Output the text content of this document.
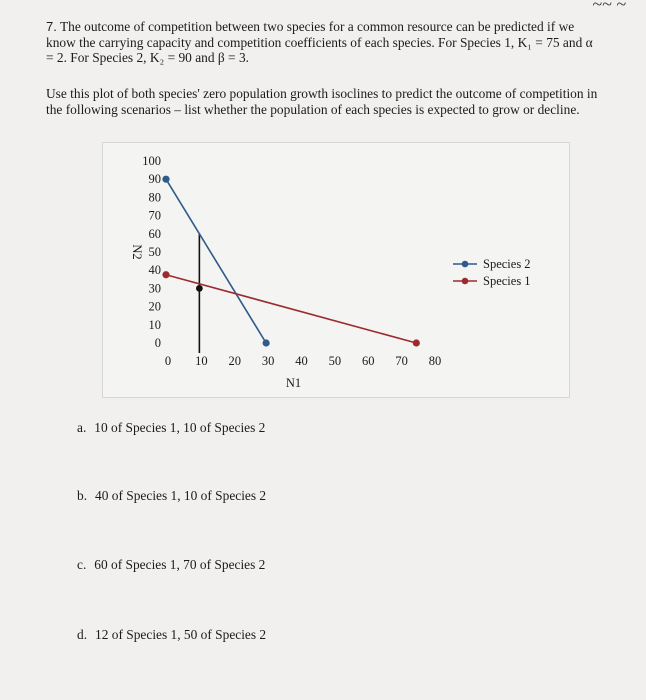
~~ ~
7. The outcome of competition between two species for a common resource can be predicted if we know the carrying capacity and competition coefficients of each species. For Species 1, K₁ = 75 and α = 2. For Species 2, K₂ = 90 and β = 3.
Use this plot of both species' zero population growth isoclines to predict the outcome of competition in the following scenarios – list whether the population of each species is expected to grow or decline.
0
10
20
30
40
50
60
70
80
90
100
0 10 20 30 40 50 60 70 80
N1
N2
Species 2
Species 1
a. 10 of Species 1, 10 of Species 2
b. 40 of Species 1, 10 of Species 2
c. 60 of Species 1, 70 of Species 2
d. 12 of Species 1, 50 of Species 2
